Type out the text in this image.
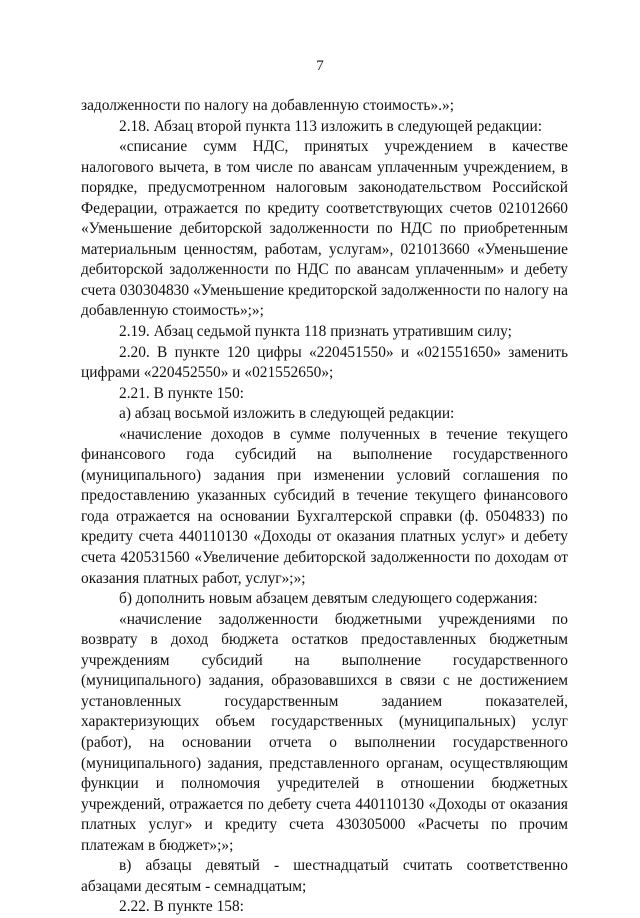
7

задолженности по налогу на добавленную стоимость».»;

2.18. Абзац второй пункта 113 изложить в следующей редакции:

«списание сумм НДС, принятых учреждением в качестве налогового вычета, в том числе по авансам уплаченным учреждением, в порядке, предусмотренном налоговым законодательством Российской Федерации, отражается по кредиту соответствующих счетов 021012660 «Уменьшение дебиторской задолженности по НДС по приобретенным материальным ценностям, работам, услугам», 021013660 «Уменьшение дебиторской задолженности по НДС по авансам уплаченным» и дебету счета 030304830 «Уменьшение кредиторской задолженности по налогу на добавленную стоимость»;»;

2.19. Абзац седьмой пункта 118 признать утратившим силу;

2.20. В пункте 120 цифры «220451550» и «021551650» заменить цифрами «220452550» и «021552650»;

2.21. В пункте 150:

а) абзац восьмой изложить в следующей редакции:

«начисление доходов в сумме полученных в течение текущего финансового года субсидий на выполнение государственного (муниципального) задания при изменении условий соглашения по предоставлению указанных субсидий в течение текущего финансового года отражается на основании Бухгалтерской справки (ф. 0504833) по кредиту счета 440110130 «Доходы от оказания платных услуг» и дебету счета 420531560 «Увеличение дебиторской задолженности по доходам от оказания платных работ, услуг»;»;

б) дополнить новым абзацем девятым следующего содержания:

«начисление задолженности бюджетными учреждениями по возврату в доход бюджета остатков предоставленных бюджетным учреждениям субсидий на выполнение государственного (муниципального) задания, образовавшихся в связи с не достижением установленных государственным заданием показателей, характеризующих объем государственных (муниципальных) услуг (работ), на основании отчета о выполнении государственного (муниципального) задания, представленного органам, осуществляющим функции и полномочия учредителей в отношении бюджетных учреждений, отражается по дебету счета 440110130 «Доходы от оказания платных услуг» и кредиту счета 430305000 «Расчеты по прочим платежам в бюджет»;»;

в) абзацы девятый - шестнадцатый считать соответственно абзацами десятым - семнадцатым;

2.22. В пункте 158:
